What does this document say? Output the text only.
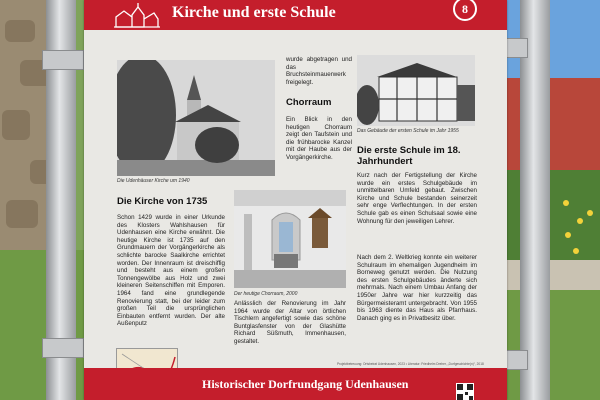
Kirche und erste Schule	8
Die Udenhäuser Kirche um 1940
wurde abgetragen und das Bruchsteinmauerwerk freigelegt.
Chorraum
Ein Blick in den heutigen Chorraum zeigt den Taufstein und die frühbarocke Kanzel mit der Haube aus der Vorgängerkirche.
Das Gebäude der ersten Schule im Jahr 1955
Die erste Schule im 18. Jahrhundert
Kurz nach der Fertigstellung der Kirche wurde ein erstes Schulgebäude im unmittelbaren Umfeld gebaut. Zwischen Kirche und Schule bestanden seinerzeit sehr enge Verflechtungen. In der ersten Schule gab es einen Schulsaal sowie eine Wohnung für den jeweiligen Lehrer.
Nach dem 2. Weltkrieg konnte ein weiterer Schulraum im ehemaligen Jugendheim im Borneweg genutzt werden. Die Nutzung des ersten Schulgebäudes änderte sich mehrmals. Nach einem Umbau Anfang der 1950er Jahre war hier kurzzeitig das Bürgermeisteramt untergebracht. Von 1955 bis 1963 diente das Haus als Pfarrhaus. Danach ging es in Privatbesitz über.
Die Kirche von 1735
Schon 1429 wurde in einer Urkunde des Klosters Wahlshausen für Udenhausen eine Kirche erwähnt. Die heutige Kirche ist 1735 auf den Grundmauern der Vorgängerkirche als schlichte barocke Saalkirche errichtet worden. Der Innenraum ist dreischiffig und besteht aus einem großen Tonnengewölbe aus Holz und zwei kleineren Seitenschiffen mit Emporen. 1964 fand eine grundlegende Renovierung statt, bei der leider zum großen Teil die ursprünglichen Einbauten entfernt wurden. Der alte Außenputz
Der heutige Chorraum, 2000
Anlässlich der Renovierung im Jahr 1964 wurde der Altar von örtlichen Tischlern angefertigt sowie das schöne Buntglasfenster von der Glashütte Richard Süßmuth, Immenhausen, gestaltet.
Projektbetreuung: Ortsbeirat Udenhausen, 2023 • Literatur: Friedhelm Dreher, „Dorfgeschichte(n)“, 2018
Historischer Dorfrundgang Udenhausen
